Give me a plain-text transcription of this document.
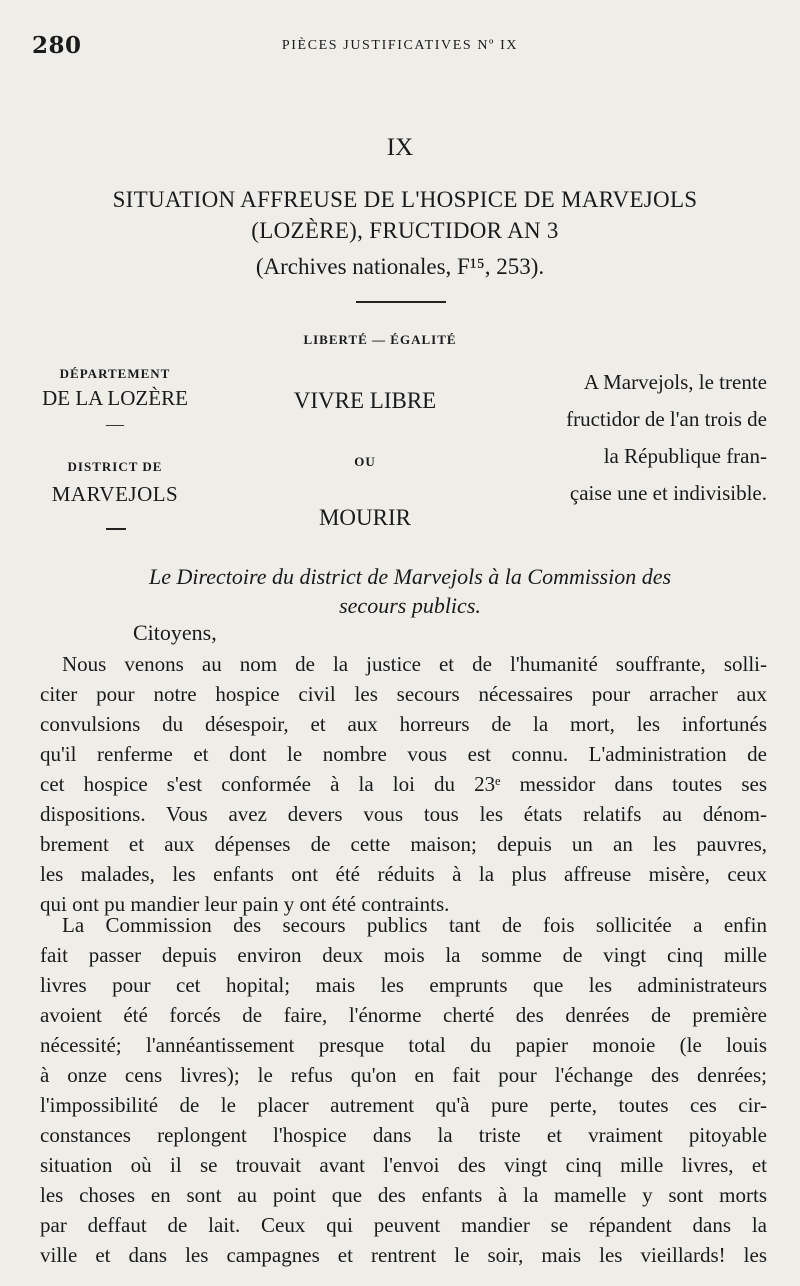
280	PIÈCES JUSTIFICATIVES Nº IX
IX
SITUATION AFFREUSE DE L'HOSPICE DE MARVEJOLS
(LOZÈRE), FRUCTIDOR AN 3
(Archives nationales, F¹⁵, 253).
LIBERTÉ — ÉGALITÉ
DÉPARTEMENT
DE LA LOZÈRE
—
DISTRICT DE
MARVEJOLS
VIVRE LIBRE
OU
MOURIR
A Marvejols, le trente
fructidor de l'an trois de
la République fran-
çaise une et indivisible.
Le Directoire du district de Marvejols à la Commission des
secours publics.
Citoyens,
Nous venons au nom de la justice et de l'humanité souffrante, solli-
citer pour notre hospice civil les secours nécessaires pour arracher aux
convulsions du désespoir, et aux horreurs de la mort, les infortunés
qu'il renferme et dont le nombre vous est connu. L'administration de
cet hospice s'est conformée à la loi du 23ᵉ messidor dans toutes ses
dispositions. Vous avez devers vous tous les états relatifs au dénom-
brement et aux dépenses de cette maison; depuis un an les pauvres,
les malades, les enfants ont été réduits à la plus affreuse misère, ceux
qui ont pu mandier leur pain y ont été contraints.
La Commission des secours publics tant de fois sollicitée a enfin
fait passer depuis environ deux mois la somme de vingt cinq mille
livres pour cet hopital; mais les emprunts que les administrateurs
avoient été forcés de faire, l'énorme cherté des denrées de première
nécessité; l'annéantissement presque total du papier monoie (le louis
à onze cens livres); le refus qu'on en fait pour l'échange des denrées;
l'impossibilité de le placer autrement qu'à pure perte, toutes ces cir-
constances replongent l'hospice dans la triste et vraiment pitoyable
situation où il se trouvait avant l'envoi des vingt cinq mille livres, et
les choses en sont au point que des enfants à la mamelle y sont morts
par deffaut de lait. Ceux qui peuvent mandier se répandent dans la
ville et dans les campagnes et rentrent le soir, mais les vieillards! les
